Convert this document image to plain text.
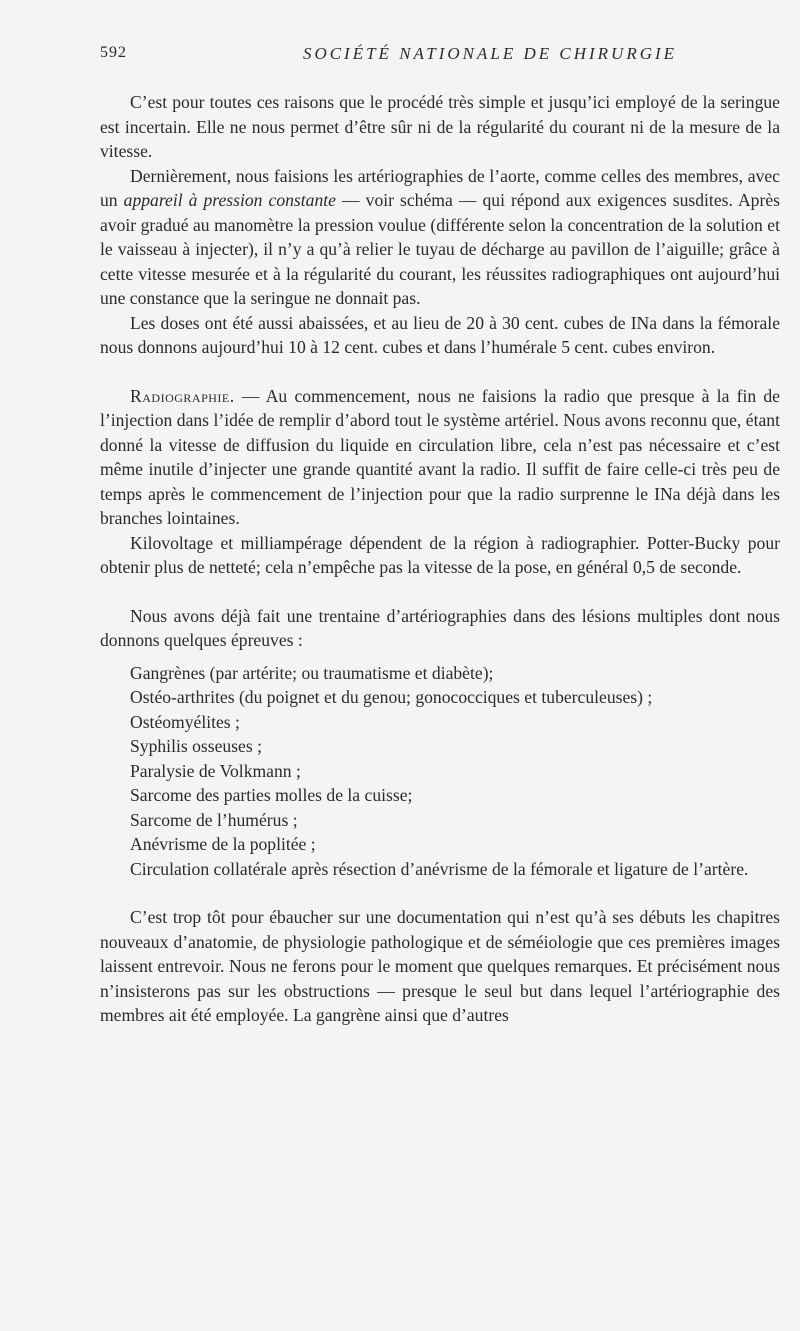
592	SOCIÉTÉ NATIONALE DE CHIRURGIE

C’est pour toutes ces raisons que le procédé très simple et jusqu’ici employé de la seringue est incertain. Elle ne nous permet d’être sûr ni de la régularité du courant ni de la mesure de la vitesse.

Dernièrement, nous faisions les artériographies de l’aorte, comme celles des membres, avec un appareil à pression constante — voir schéma — qui répond aux exigences susdites. Après avoir gradué au manomètre la pression voulue (différente selon la concentration de la solution et le vaisseau à injecter), il n’y a qu’à relier le tuyau de décharge au pavillon de l’aiguille; grâce à cette vitesse mesurée et à la régularité du courant, les réussites radiographiques ont aujourd’hui une constance que la seringue ne donnait pas.

Les doses ont été aussi abaissées, et au lieu de 20 à 30 cent. cubes de INa dans la fémorale nous donnons aujourd’hui 10 à 12 cent. cubes et dans l’humérale 5 cent. cubes environ.

Radiographie. — Au commencement, nous ne faisions la radio que presque à la fin de l’injection dans l’idée de remplir d’abord tout le système artériel. Nous avons reconnu que, étant donné la vitesse de diffusion du liquide en circulation libre, cela n’est pas nécessaire et c’est même inutile d’injecter une grande quantité avant la radio. Il suffit de faire celle-ci très peu de temps après le commencement de l’injection pour que la radio surprenne le INa déjà dans les branches lointaines.

Kilovoltage et milliampérage dépendent de la région à radiographier. Potter-Bucky pour obtenir plus de netteté; cela n’empêche pas la vitesse de la pose, en général 0,5 de seconde.

Nous avons déjà fait une trentaine d’artériographies dans des lésions multiples dont nous donnons quelques épreuves :

Gangrènes (par artérite; ou traumatisme et diabète);
Ostéo-arthrites (du poignet et du genou; gonococciques et tuberculeuses) ;
Ostéomyélites ;
Syphilis osseuses ;
Paralysie de Volkmann ;
Sarcome des parties molles de la cuisse;
Sarcome de l’humérus ;
Anévrisme de la poplitée ;
Circulation collatérale après résection d’anévrisme de la fémorale et ligature de l’artère.

C’est trop tôt pour ébaucher sur une documentation qui n’est qu’à ses débuts les chapitres nouveaux d’anatomie, de physiologie pathologique et de séméiologie que ces premières images laissent entrevoir. Nous ne ferons pour le moment que quelques remarques. Et précisément nous n’insisterons pas sur les obstructions — presque le seul but dans lequel l’artériographie des membres ait été employée. La gangrène ainsi que d’autres
